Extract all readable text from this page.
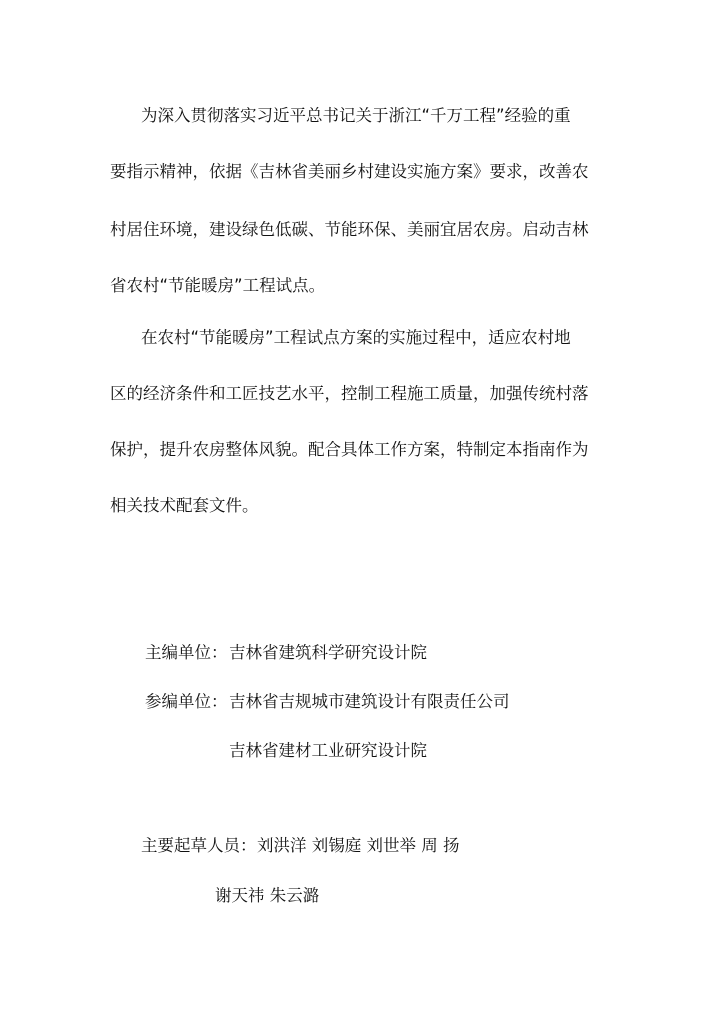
为深入贯彻落实习近平总书记关于浙江“千万工程”经验的重
要指示精神，依据《吉林省美丽乡村建设实施方案》要求，改善农
村居住环境，建设绿色低碳、节能环保、美丽宜居农房。启动吉林
省农村“节能暖房”工程试点。
在农村“节能暖房”工程试点方案的实施过程中，适应农村地
区的经济条件和工匠技艺水平，控制工程施工质量，加强传统村落
保护，提升农房整体风貌。配合具体工作方案，特制定本指南作为
相关技术配套文件。
主编单位： 吉林省建筑科学研究设计院
参编单位： 吉林省吉规城市建筑设计有限责任公司
吉林省建材工业研究设计院
主要起草人员： 刘洪洋 刘锡庭 刘世举 周 扬
谢天祎 朱云潞
